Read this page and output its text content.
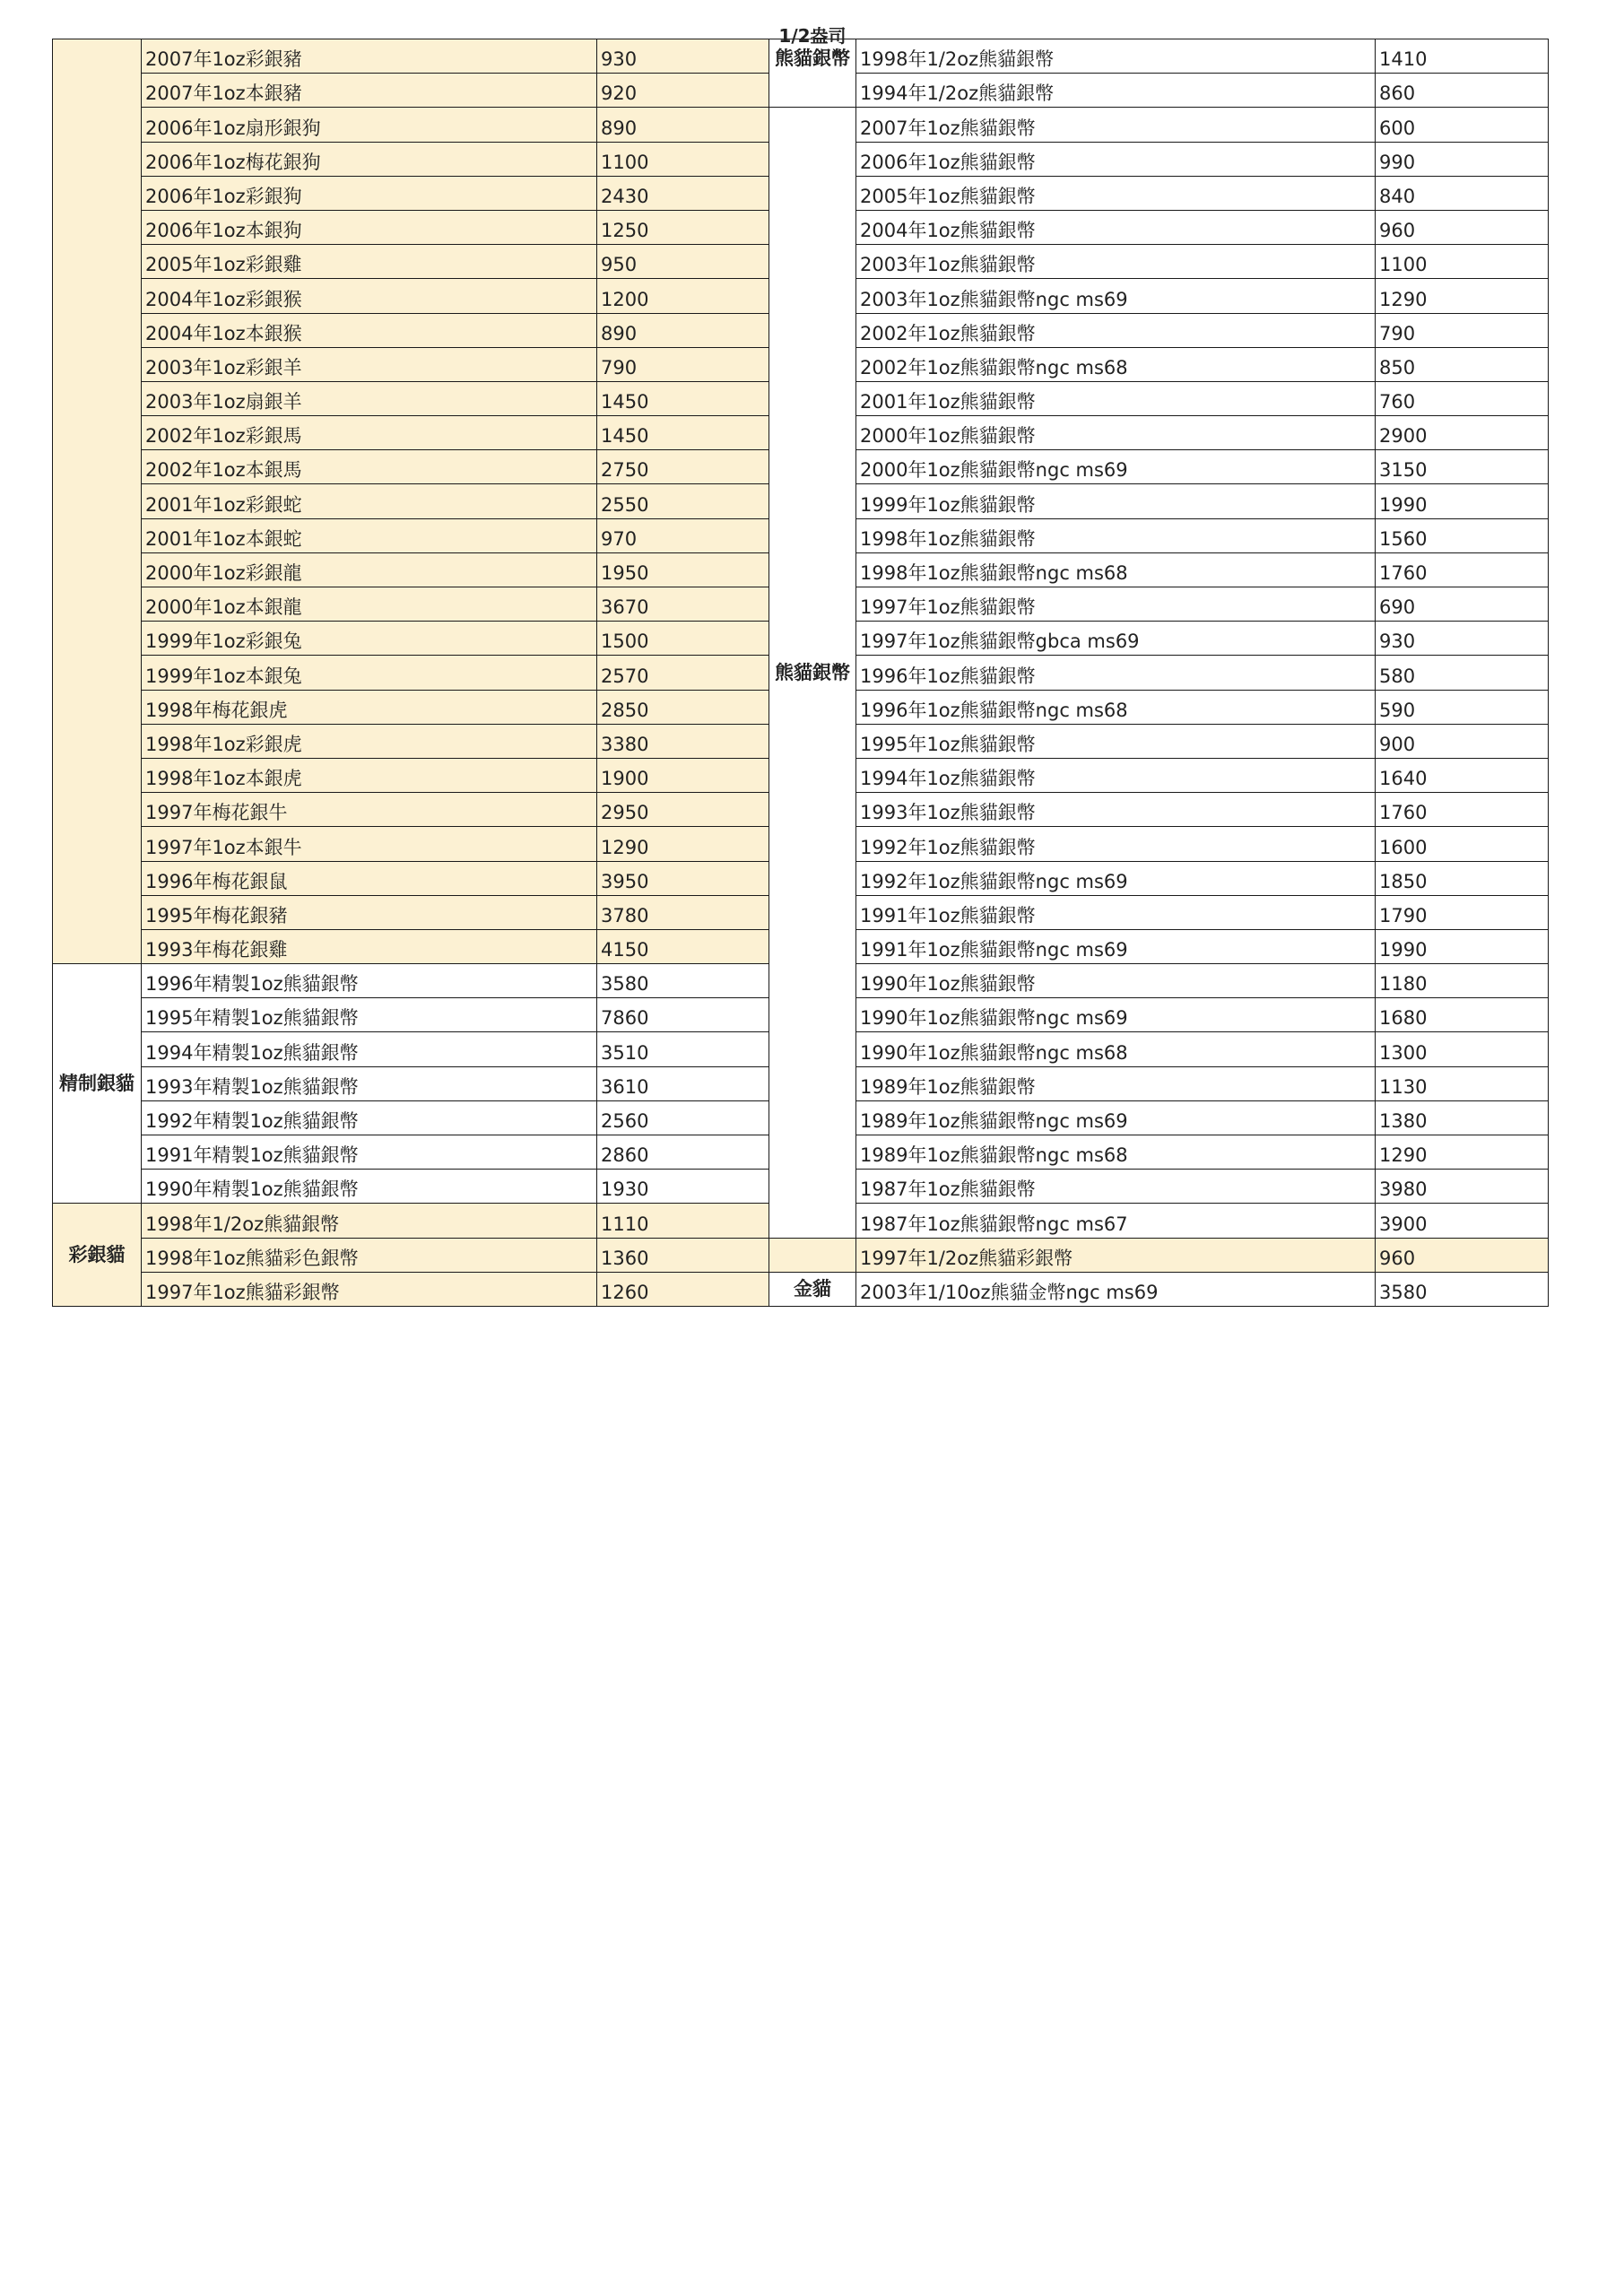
	2007年1oz彩銀豬	930
	2007年1oz本銀豬	920
	2006年1oz扇形銀狗	890
	2006年1oz梅花銀狗	1100
	2006年1oz彩銀狗	2430
	2006年1oz本銀狗	1250
	2005年1oz彩銀雞	950
	2004年1oz彩銀猴	1200
	2004年1oz本銀猴	890
	2003年1oz彩銀羊	790
	2003年1oz扇銀羊	1450
	2002年1oz彩銀馬	1450
	2002年1oz本銀馬	2750
	2001年1oz彩銀蛇	2550
	2001年1oz本銀蛇	970
	2000年1oz彩銀龍	1950
	2000年1oz本銀龍	3670
	1999年1oz彩銀兔	1500
	1999年1oz本銀兔	2570
	1998年梅花銀虎	2850
	1998年1oz彩銀虎	3380
	1998年1oz本銀虎	1900
	1997年梅花銀牛	2950
	1997年1oz本銀牛	1290
	1996年梅花銀鼠	3950
	1995年梅花銀豬	3780
	1993年梅花銀雞	4150
精制銀貓	1996年精製1oz熊貓銀幣	3580
	1995年精製1oz熊貓銀幣	7860
	1994年精製1oz熊貓銀幣	3510
	1993年精製1oz熊貓銀幣	3610
	1992年精製1oz熊貓銀幣	2560
	1991年精製1oz熊貓銀幣	2860
	1990年精製1oz熊貓銀幣	1930
彩銀貓	1998年1/2oz熊貓銀幣	1110
	1998年1oz熊貓彩色銀幣	1360
	1997年1oz熊貓彩銀幣	1260
1/2盎司
熊貓銀幣	1998年1/2oz熊貓銀幣	1410
	1994年1/2oz熊貓銀幣	860
熊貓銀幣	2007年1oz熊貓銀幣	600
	2006年1oz熊貓銀幣	990
	2005年1oz熊貓銀幣	840
	2004年1oz熊貓銀幣	960
	2003年1oz熊貓銀幣	1100
	2003年1oz熊貓銀幣ngc ms69	1290
	2002年1oz熊貓銀幣	790
	2002年1oz熊貓銀幣ngc ms68	850
	2001年1oz熊貓銀幣	760
	2000年1oz熊貓銀幣	2900
	2000年1oz熊貓銀幣ngc ms69	3150
	1999年1oz熊貓銀幣	1990
	1998年1oz熊貓銀幣	1560
	1998年1oz熊貓銀幣ngc ms68	1760
	1997年1oz熊貓銀幣	690
	1997年1oz熊貓銀幣gbca ms69	930
	1996年1oz熊貓銀幣	580
	1996年1oz熊貓銀幣ngc ms68	590
	1995年1oz熊貓銀幣	900
	1994年1oz熊貓銀幣	1640
	1993年1oz熊貓銀幣	1760
	1992年1oz熊貓銀幣	1600
	1992年1oz熊貓銀幣ngc ms69	1850
	1991年1oz熊貓銀幣	1790
	1991年1oz熊貓銀幣ngc ms69	1990
	1990年1oz熊貓銀幣	1180
	1990年1oz熊貓銀幣ngc ms69	1680
	1990年1oz熊貓銀幣ngc ms68	1300
	1989年1oz熊貓銀幣	1130
	1989年1oz熊貓銀幣ngc ms69	1380
	1989年1oz熊貓銀幣ngc ms68	1290
	1987年1oz熊貓銀幣	3980
	1987年1oz熊貓銀幣ngc ms67	3900
	1997年1/2oz熊貓彩銀幣	960
金貓	2003年1/10oz熊貓金幣ngc ms69	3580
